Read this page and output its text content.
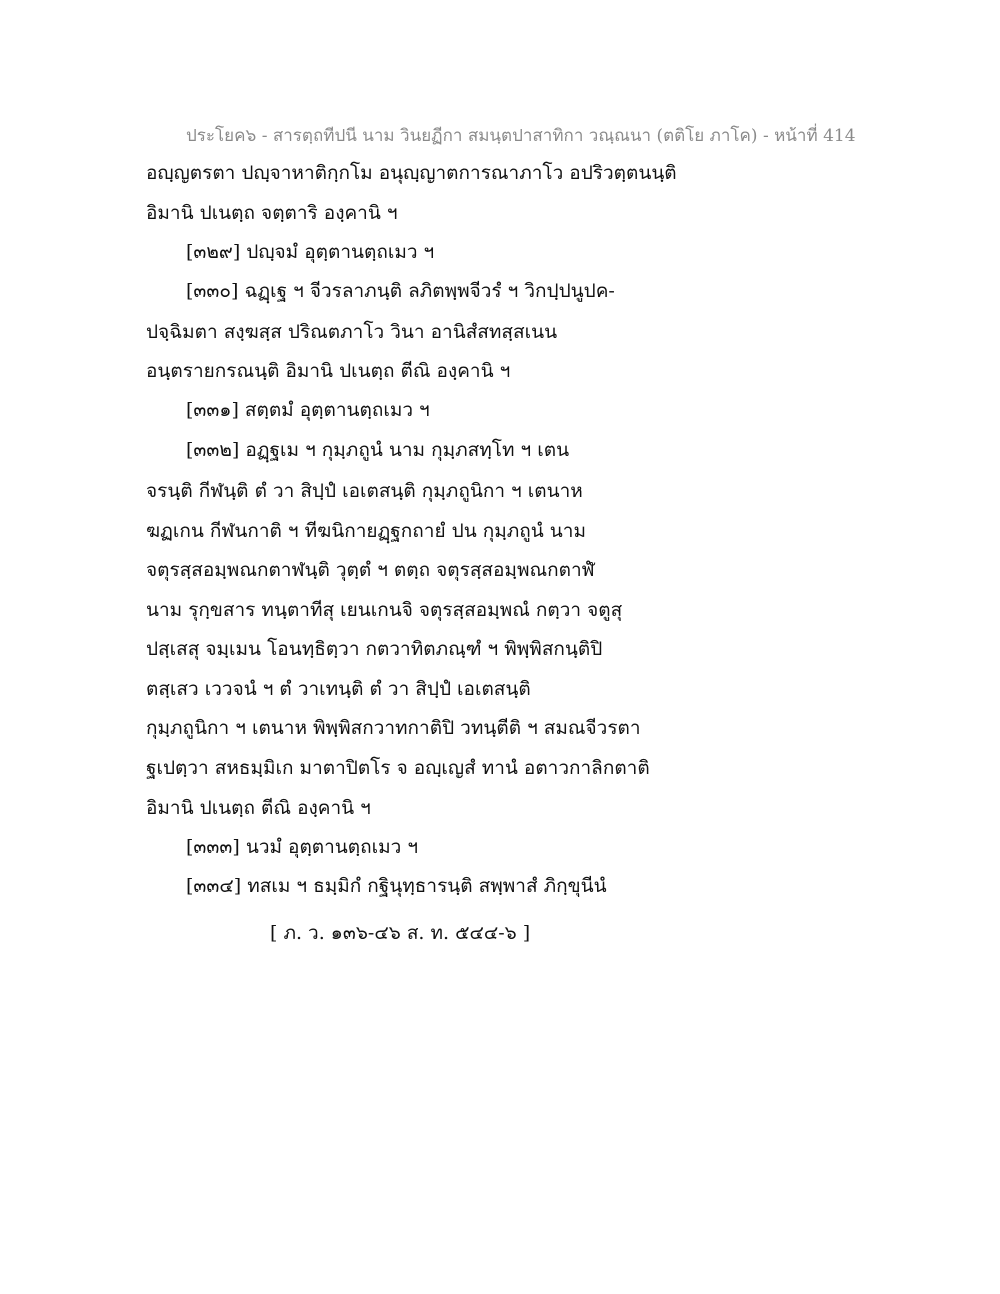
ประโยค๖ - สารตฺถทีปนี นาม วินยฏีกา สมนฺตปาสาทิกา วณฺณนา (ตติโย ภาโค) - หน้าที่ 414
อญฺญตรตา ปญฺจาหาติกฺกโม อนุญฺญาตการณาภาโว อปริวตฺตนนฺติ
อิมานิ ปเนตฺถ จตฺตาริ องฺคานิ ฯ
[๓๒๙] ปญฺจมํ อุตฺตานตฺถเมว ฯ
[๓๓๐] ฉฏฺเฐ ฯ จีวรลาภนฺติ ลภิตพฺพจีวรํ ฯ วิกปฺปนูปค-
ปจฺฉิมตา สงฺฆสฺส ปริณตภาโว วินา อานิสํสทสฺสเนน
อนฺตรายกรณนฺติ อิมานิ ปเนตฺถ ตีณิ องฺคานิ ฯ
[๓๓๑] สตฺตมํ อุตฺตานตฺถเมว ฯ
[๓๓๒] อฏฺฐเม ฯ กุมฺภถูนํ นาม กุมฺภสทฺโท ฯ เตน
จรนฺติ กีฬนฺติ ตํ วา สิปฺปํ เอเตสนฺติ กุมฺภถูนิกา ฯ เตนาห
ฆฏเกน กีฬนกาติ ฯ ทีฆนิกายฏฺฐกถายํ ปน กุมฺภถูนํ นาม
จตุรสฺสอมฺพณกตาฬนฺติ วุตฺตํ ฯ ตตฺถ จตุรสฺสอมฺพณกตาฬํ
นาม รุกฺขสาร ทนฺตาทีสุ เยนเกนจิ จตุรสฺสอมฺพณํ กตฺวา จตูสุ
ปสฺเสสุ จมฺเมน โอนทฺธิตฺวา กตวาทิตภณฺฑํ ฯ พิพฺพิสกนฺติปิ
ตสฺเสว เววจนํ ฯ ตํ วาเทนฺติ ตํ วา สิปฺปํ เอเตสนฺติ
กุมฺภถูนิกา ฯ เตนาห พิพฺพิสกวาทกาติปิ วทนฺตีติ ฯ สมณจีวรตา
ฐเปตฺวา สหธมฺมิเก มาตาปิตโร จ อญฺเญสํ ทานํ อตาวกาลิกตาติ
อิมานิ ปเนตฺถ ตีณิ องฺคานิ ฯ
[๓๓๓] นวมํ อุตฺตานตฺถเมว ฯ
[๓๓๔] ทสเม ฯ ธมฺมิกํ กฐินุทฺธารนฺติ สพฺพาสํ ภิกฺขุนีนํ
[ ภ. ว. ๑๓๖-๔๖ ส. ท. ๕๔๔-๖ ]
